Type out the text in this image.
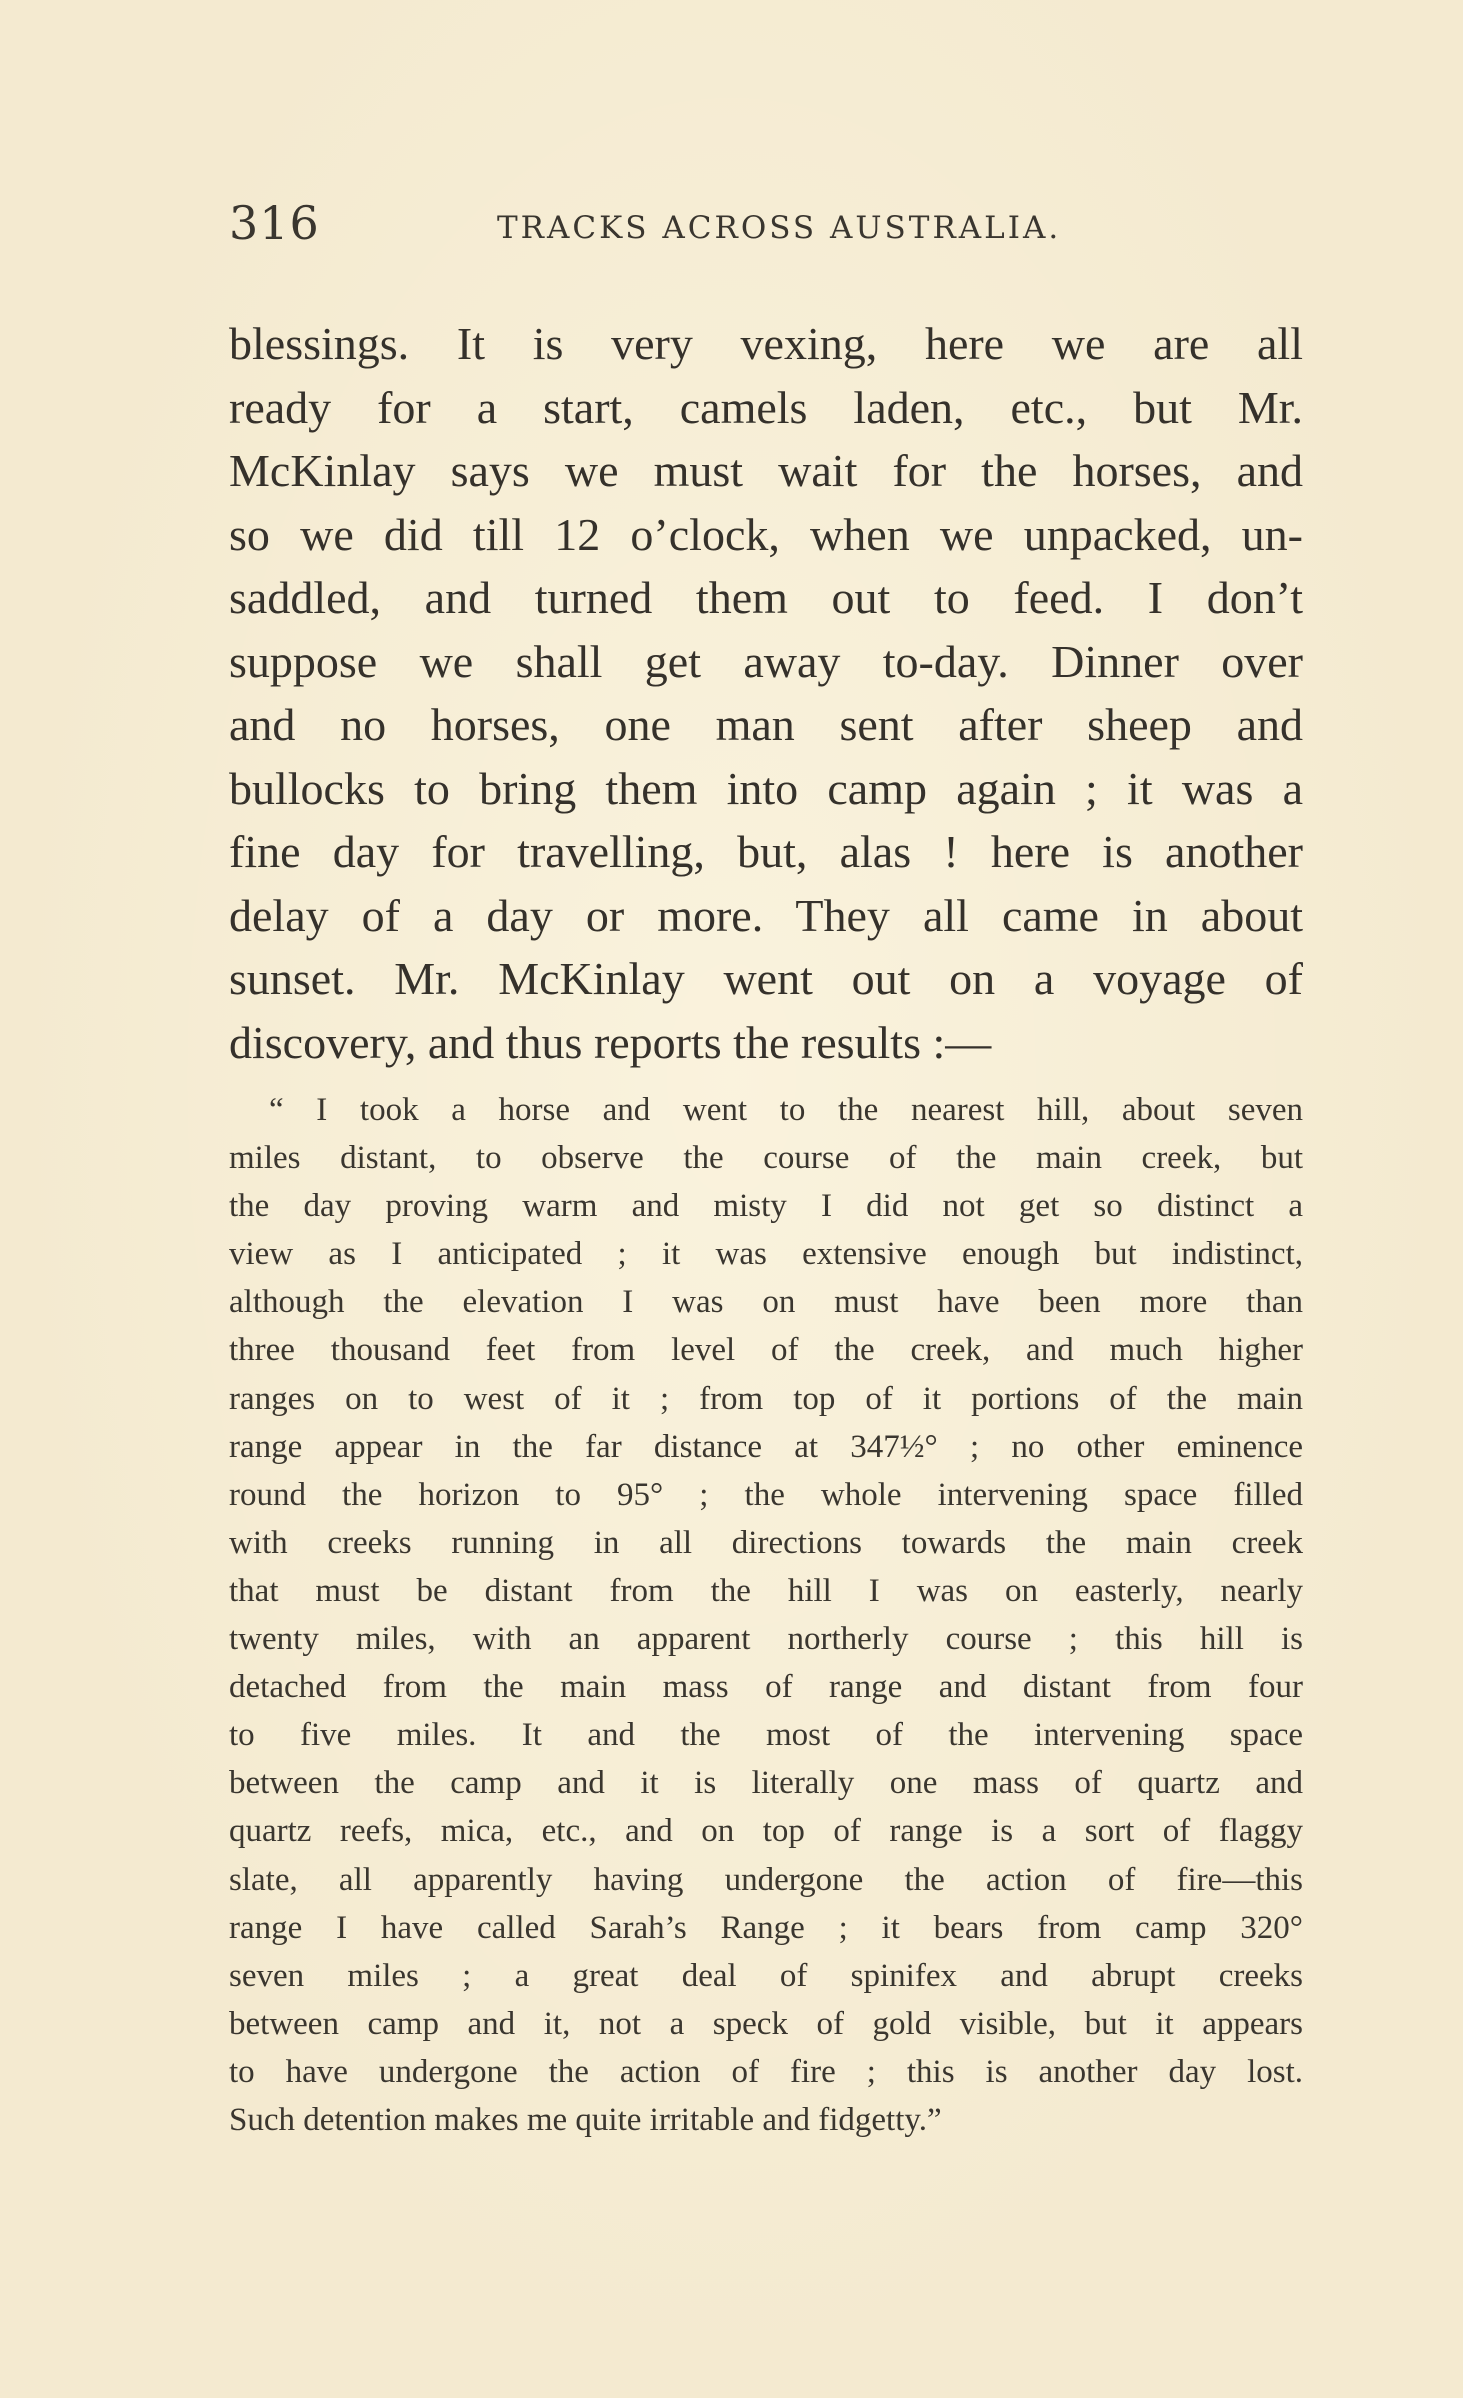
316	TRACKS ACROSS AUSTRALIA.
blessings. It is very vexing, here we are all
ready for a start, camels laden, etc., but Mr.
McKinlay says we must wait for the horses, and
so we did till 12 o’clock, when we unpacked, un-
saddled, and turned them out to feed. I don’t
suppose we shall get away to-day. Dinner over
and no horses, one man sent after sheep and
bullocks to bring them into camp again ; it was a
fine day for travelling, but, alas ! here is another
delay of a day or more. They all came in about
sunset. Mr. McKinlay went out on a voyage of
discovery, and thus reports the results :—
“ I took a horse and went to the nearest hill, about seven
miles distant, to observe the course of the main creek, but
the day proving warm and misty I did not get so distinct a
view as I anticipated ; it was extensive enough but indistinct,
although the elevation I was on must have been more than
three thousand feet from level of the creek, and much higher
ranges on to west of it ; from top of it portions of the main
range appear in the far distance at 347½° ; no other eminence
round the horizon to 95° ; the whole intervening space filled
with creeks running in all directions towards the main creek
that must be distant from the hill I was on easterly, nearly
twenty miles, with an apparent northerly course ; this hill is
detached from the main mass of range and distant from four
to five miles. It and the most of the intervening space
between the camp and it is literally one mass of quartz and
quartz reefs, mica, etc., and on top of range is a sort of flaggy
slate, all apparently having undergone the action of fire—this
range I have called Sarah’s Range ; it bears from camp 320°
seven miles ; a great deal of spinifex and abrupt creeks
between camp and it, not a speck of gold visible, but it appears
to have undergone the action of fire ; this is another day lost.
Such detention makes me quite irritable and fidgetty.”
